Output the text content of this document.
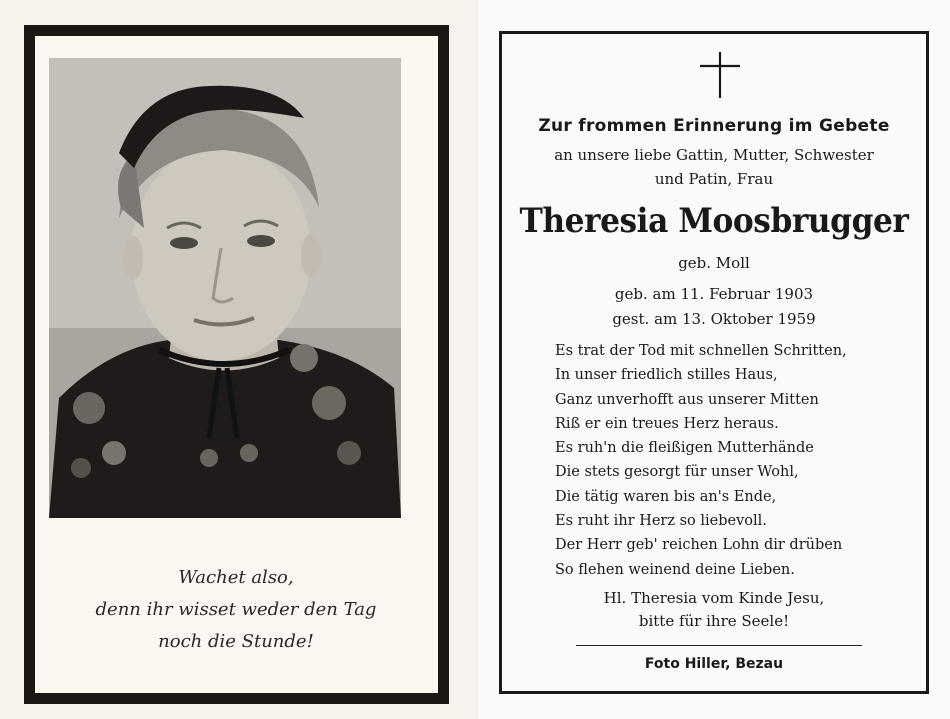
Wachet also,
denn ihr wisset weder den Tag
noch die Stunde!
Zur frommen Erinnerung im Gebete
an unsere liebe Gattin, Mutter, Schwester
und Patin, Frau
Theresia Moosbrugger
geb. Moll
geb. am 11. Februar 1903
gest. am 13. Oktober 1959
Es trat der Tod mit schnellen Schritten,
In unser friedlich stilles Haus,
Ganz unverhofft aus unserer Mitten
Riß er ein treues Herz heraus.
Es ruh'n die fleißigen Mutterhände
Die stets gesorgt für unser Wohl,
Die tätig waren bis an's Ende,
Es ruht ihr Herz so liebevoll.
Der Herr geb' reichen Lohn dir drüben
So flehen weinend deine Lieben.
Hl. Theresia vom Kinde Jesu,
bitte für ihre Seele!
Foto Hiller, Bezau
